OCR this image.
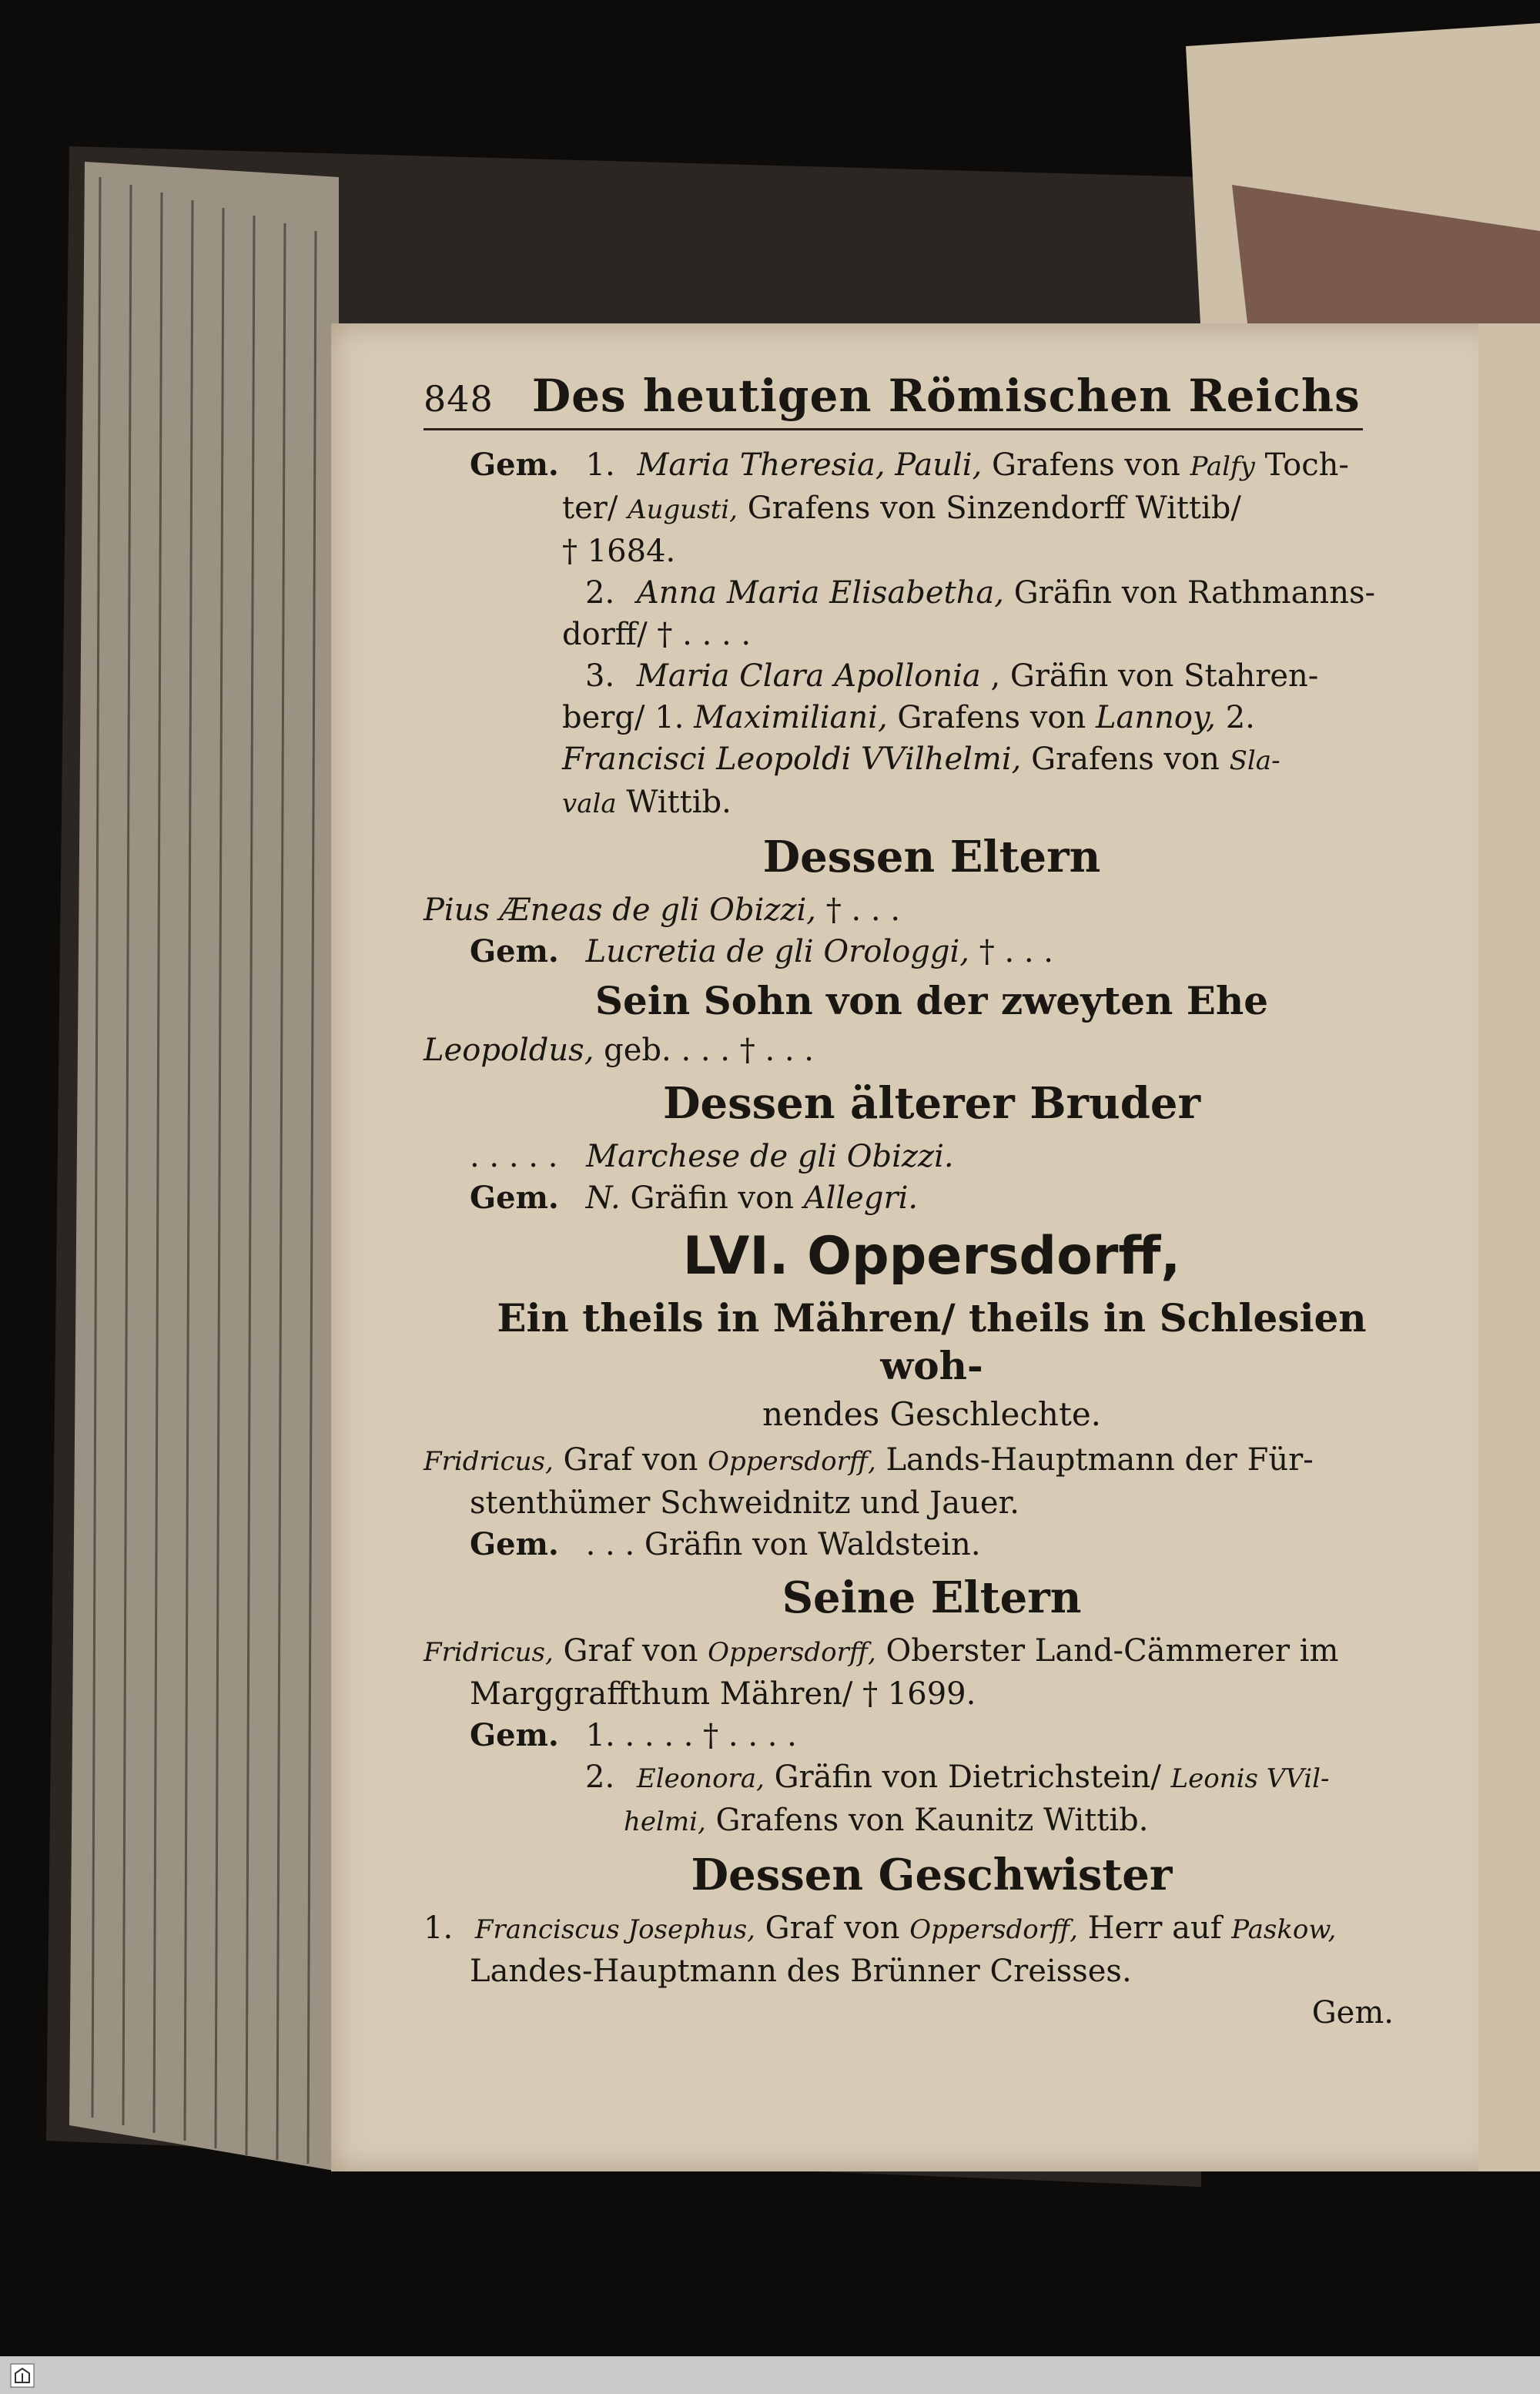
848 Des heutigen Römischen Reichs
Gem. 1. Maria Theresia, Pauli, Grafens von Palfy Toch-
ter/ Augusti, Grafens von Sinzendorff Wittib/
† 1684.
2. Anna Maria Elisabetha, Gräfin von Rathmanns-
dorff/ † . . . .
3. Maria Clara Apollonia , Gräfin von Stahren-
berg/ 1. Maximiliani, Grafens von Lannoy, 2.
Francisci Leopoldi VVilhelmi, Grafens von Sla-
vala Wittib.
Dessen Eltern
Pius Æneas de gli Obizzi, † . . .
Gem. Lucretia de gli Orologgi, † . . .
Sein Sohn von der zweyten Ehe
Leopoldus, geb. . . . † . . .
Dessen älterer Bruder
. . . . . Marchese de gli Obizzi.
Gem. N. Gräfin von Allegri.
LVI. Oppersdorff,
Ein theils in Mähren/ theils in Schlesien woh-
nendes Geschlechte.
Fridricus, Graf von Oppersdorff, Lands-Hauptmann der Für-
stenthümer Schweidnitz und Jauer.
Gem. . . . Gräfin von Waldstein.
Seine Eltern
Fridricus, Graf von Oppersdorff, Oberster Land-Cämmerer im
Marggraffthum Mähren/ † 1699.
Gem. 1. . . . . † . . . .
2. Eleonora, Gräfin von Dietrichstein/ Leonis VVil-
helmi, Grafens von Kaunitz Wittib.
Dessen Geschwister
1. Franciscus Josephus, Graf von Oppersdorff, Herr auf Paskow,
Landes-Hauptmann des Brünner Creisses.
Gem.
